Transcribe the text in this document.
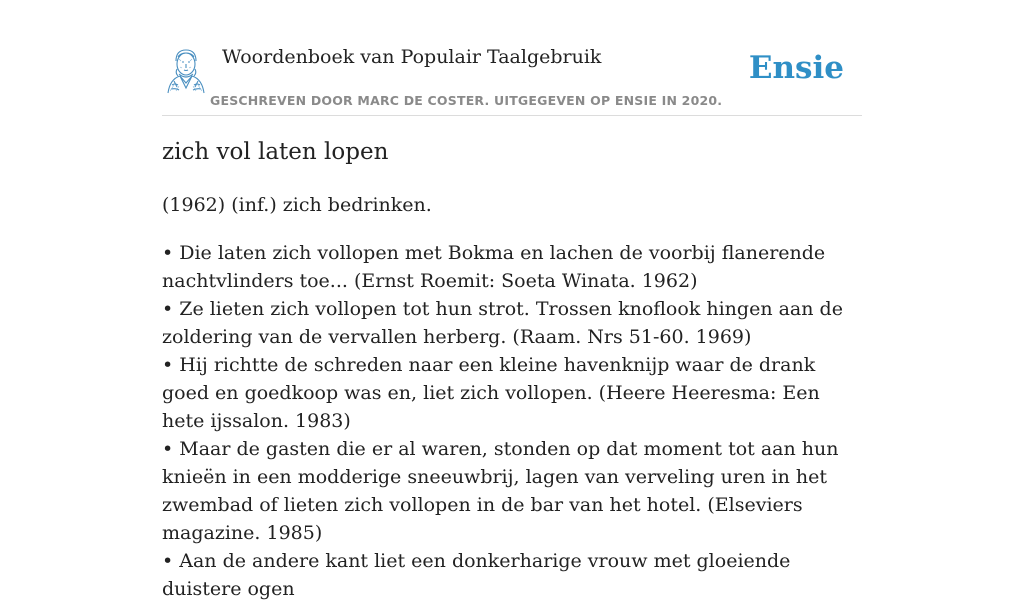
Woordenboek van Populair Taalgebruik
GESCHREVEN DOOR MARC DE COSTER. UITGEGEVEN OP ENSIE IN 2020.
Ensie
zich vol laten lopen

(1962) (inf.) zich bedrinken.

• Die laten zich vollopen met Bokma en lachen de voorbij flanerende nachtvlinders toe... (Ernst Roemit: Soeta Winata. 1962)
• Ze lieten zich vollopen tot hun strot. Trossen knoflook hingen aan de zoldering van de vervallen herberg. (Raam. Nrs 51-60. 1969)
• Hij richtte de schreden naar een kleine havenknijp waar de drank goed en goedkoop was en, liet zich vollopen. (Heere Heeresma: Een hete ijssalon. 1983)
• Maar de gasten die er al waren, stonden op dat moment tot aan hun knieën in een modderige sneeuwbrij, lagen van verveling uren in het zwembad of lieten zich vollopen in de bar van het hotel. (Elseviers magazine. 1985)
• Aan de andere kant liet een donkerharige vrouw met gloeiende duistere ogen
